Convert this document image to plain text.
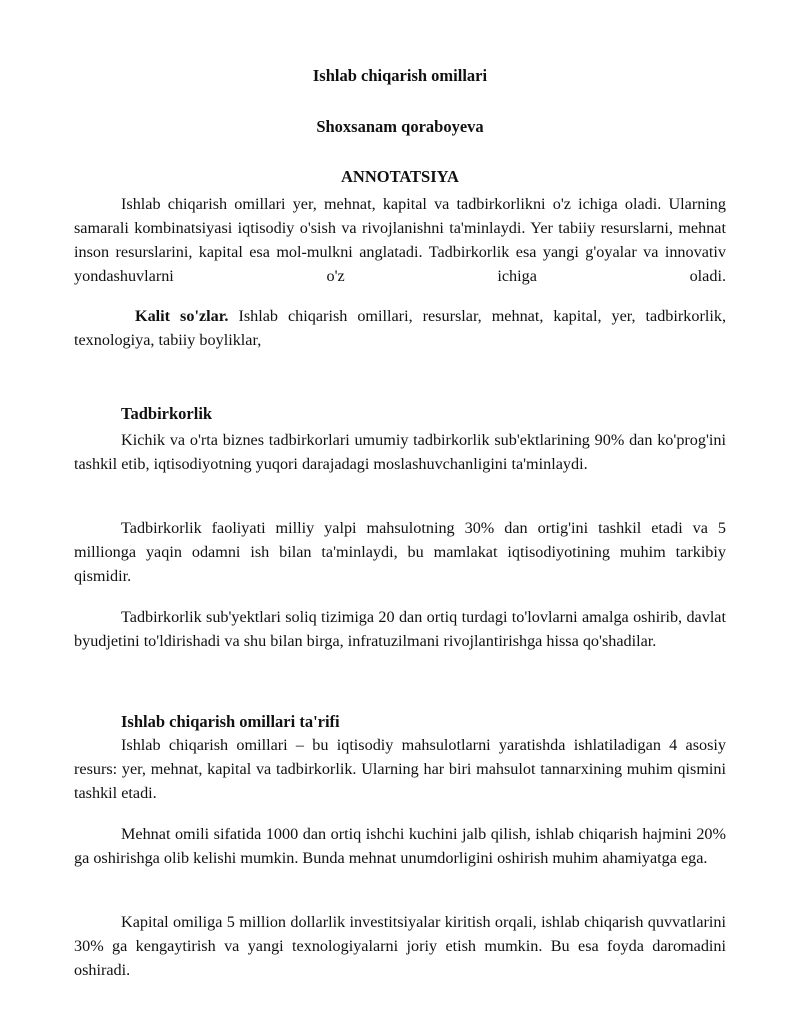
Ishlab chiqarish omillari
Shoxsanam qoraboyeva
ANNOTATSIYA

Ishlab chiqarish omillari yer, mehnat, kapital va tadbirkorlikni o'z ichiga oladi. Ularning samarali kombinatsiyasi iqtisodiy o'sish va rivojlanishni ta'minlaydi. Yer tabiiy resurslarni, mehnat inson resurslarini, kapital esa mol-mulkni anglatadi. Tadbirkorlik esa yangi g'oyalar va innovativ yondashuvlarni o'z ichiga oladi.

Kalit so'zlar. Ishlab chiqarish omillari, resurslar, mehnat, kapital, yer, tadbirkorlik, texnologiya, tabiiy boyliklar,

Tadbirkorlik

Kichik va o'rta biznes tadbirkorlari umumiy tadbirkorlik sub'ektlarining 90% dan ko'prog'ini tashkil etib, iqtisodiyotning yuqori darajadagi moslashuvchanligini ta'minlaydi.

Tadbirkorlik faoliyati milliy yalpi mahsulotning 30% dan ortig'ini tashkil etadi va 5 millionga yaqin odamni ish bilan ta'minlaydi, bu mamlakat iqtisodiyotining muhim tarkibiy qismidir.

Tadbirkorlik sub'yektlari soliq tizimiga 20 dan ortiq turdagi to'lovlarni amalga oshirib, davlat byudjetini to'ldirishadi va shu bilan birga, infratuzilmani rivojlantirishga hissa qo'shadilar.

Ishlab chiqarish omillari ta'rifi

Ishlab chiqarish omillari – bu iqtisodiy mahsulotlarni yaratishda ishlatiladigan 4 asosiy resurs: yer, mehnat, kapital va tadbirkorlik. Ularning har biri mahsulot tannarxining muhim qismini tashkil etadi.

Mehnat omili sifatida 1000 dan ortiq ishchi kuchini jalb qilish, ishlab chiqarish hajmini 20% ga oshirishga olib kelishi mumkin. Bunda mehnat unumdorligini oshirish muhim ahamiyatga ega.

Kapital omiliga 5 million dollarlik investitsiyalar kiritish orqali, ishlab chiqarish quvvatlarini 30% ga kengaytirish va yangi texnologiyalarni joriy etish mumkin. Bu esa foyda daromadini oshiradi.
